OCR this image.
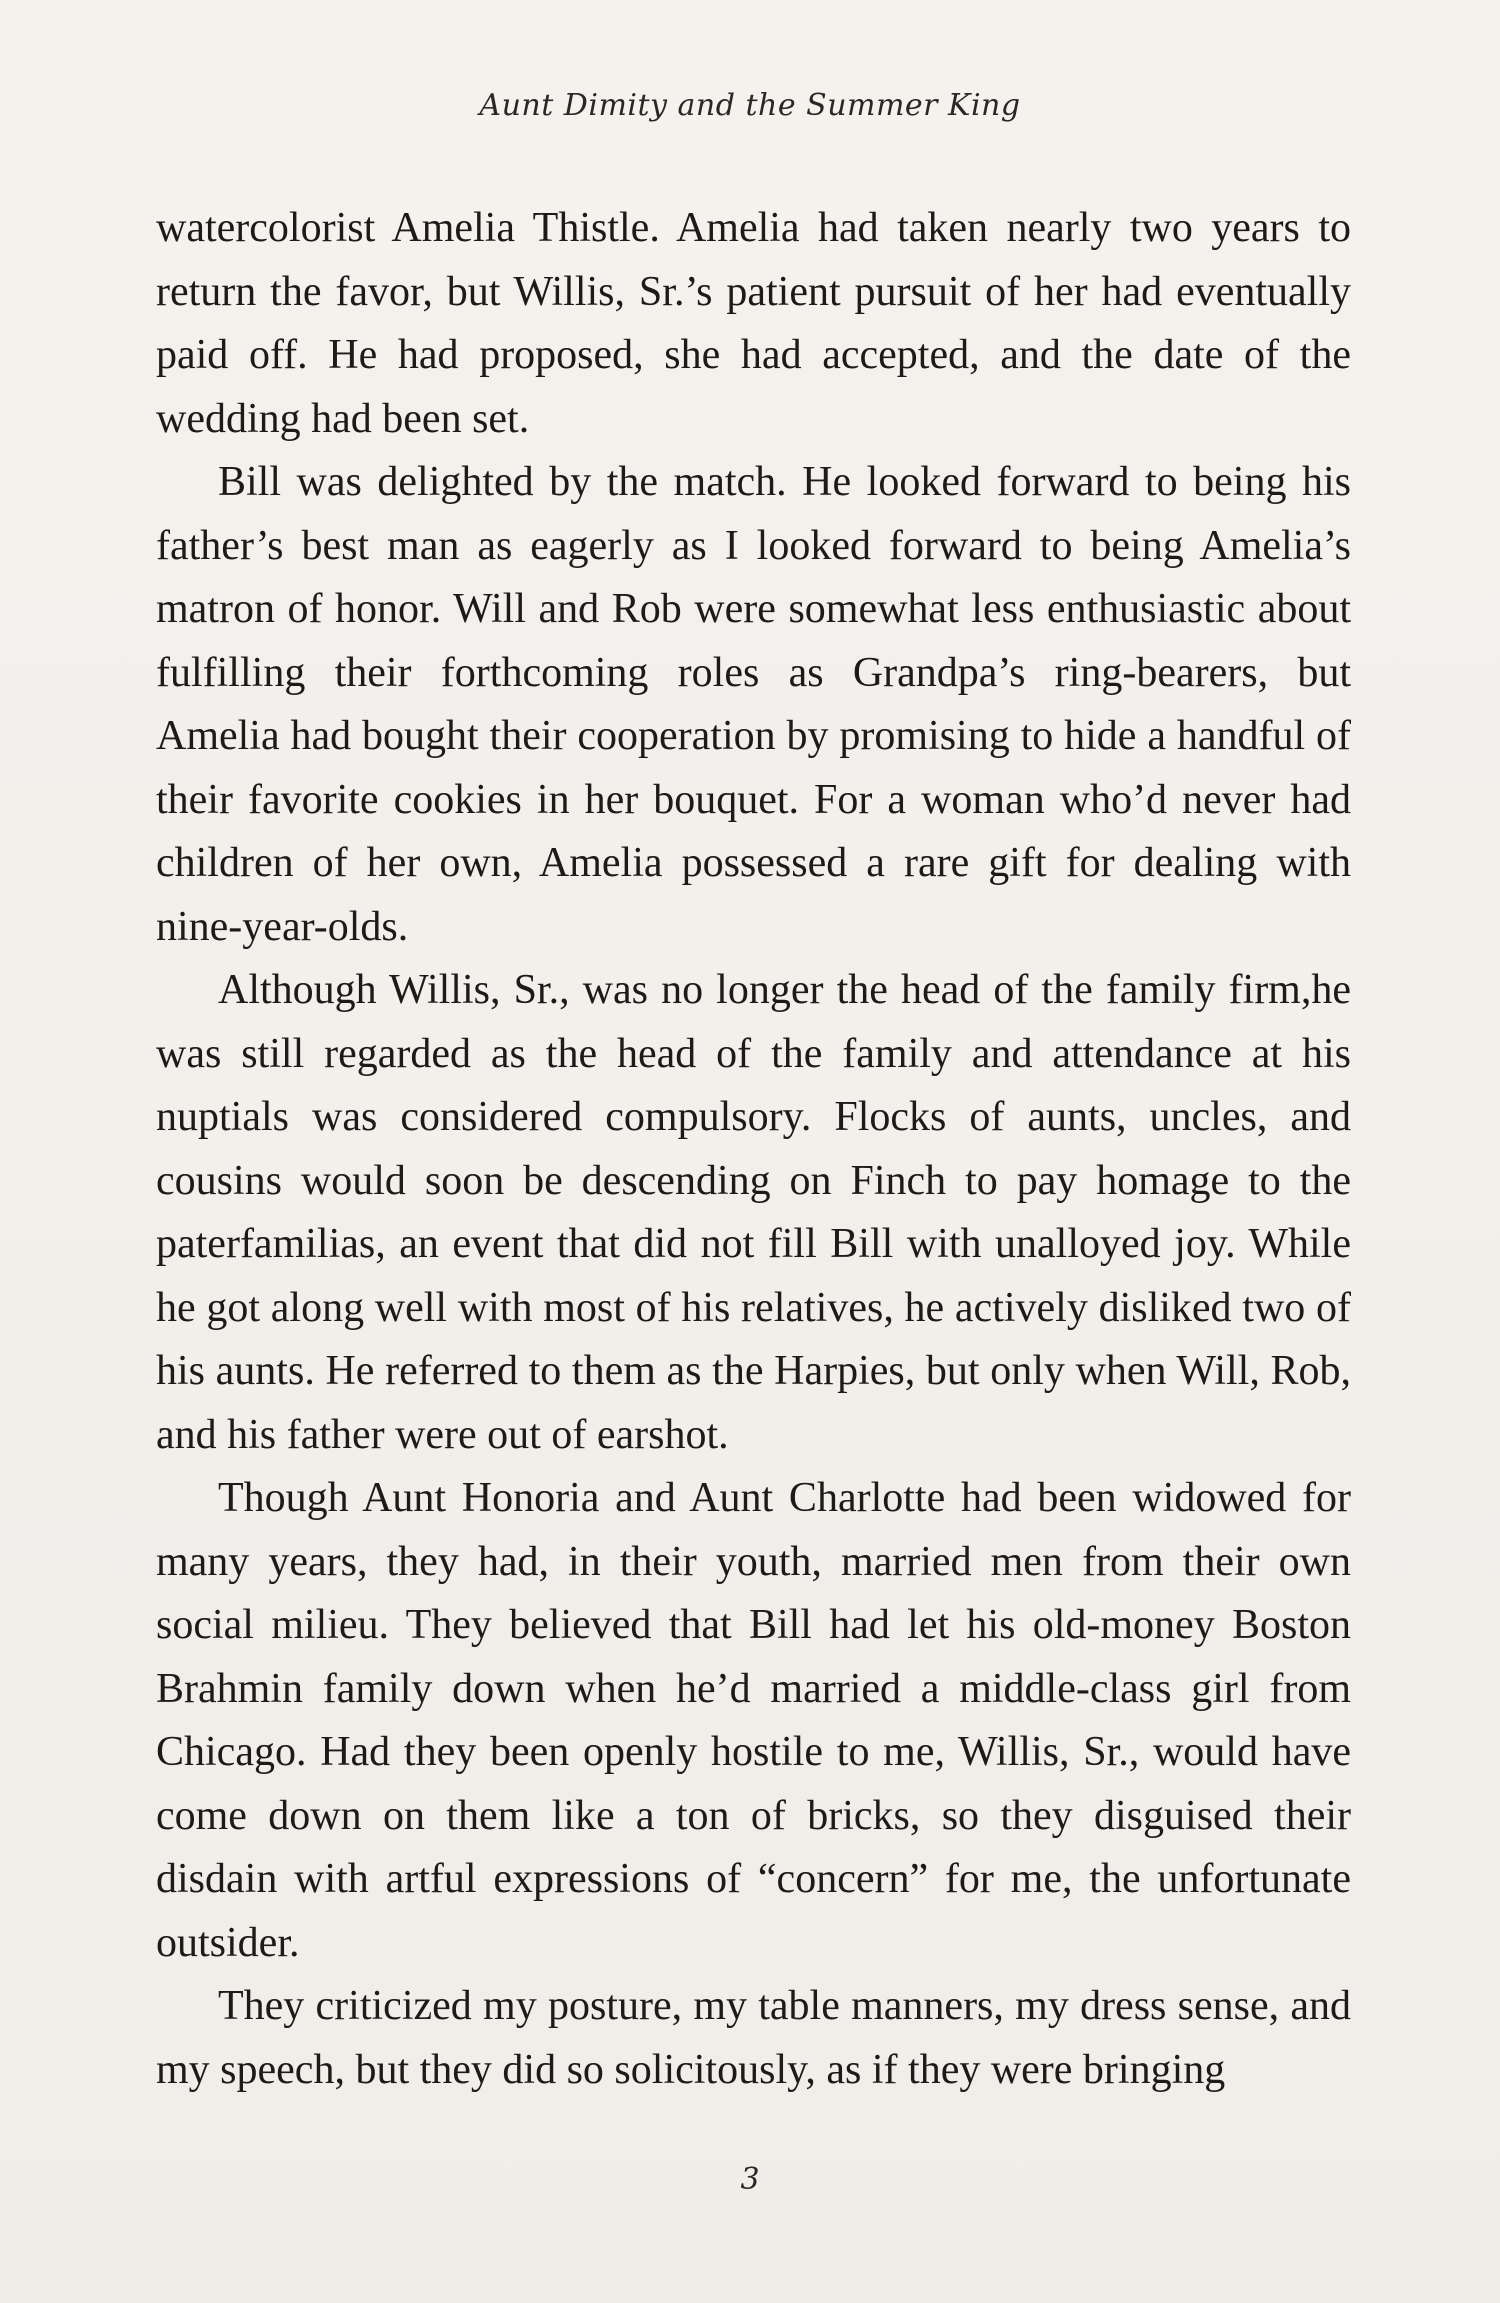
Aunt Dimity and the Summer King

watercolorist Amelia Thistle. Amelia had taken nearly two years to return the favor, but Willis, Sr.’s patient pursuit of her had eventually paid off. He had proposed, she had accepted, and the date of the wedding had been set.

Bill was delighted by the match. He looked forward to being his father’s best man as eagerly as I looked forward to being Amelia’s matron of honor. Will and Rob were somewhat less enthusiastic about fulfilling their forthcoming roles as Grandpa’s ring-bearers, but Amelia had bought their cooperation by promising to hide a handful of their favorite cookies in her bouquet. For a woman who’d never had children of her own, Amelia possessed a rare gift for dealing with nine-year-olds.

Although Willis, Sr., was no longer the head of the family firm,he was still regarded as the head of the family and attendance at his nuptials was considered compulsory. Flocks of aunts, uncles, and cousins would soon be descending on Finch to pay homage to the paterfamilias, an event that did not fill Bill with unalloyed joy. While he got along well with most of his relatives, he actively disliked two of his aunts. He referred to them as the Harpies, but only when Will, Rob, and his father were out of earshot.

Though Aunt Honoria and Aunt Charlotte had been widowed for many years, they had, in their youth, married men from their own social milieu. They believed that Bill had let his old-money Boston Brahmin family down when he’d married a middle-class girl from Chicago. Had they been openly hostile to me, Willis, Sr., would have come down on them like a ton of bricks, so they disguised their disdain with artful expressions of “concern” for me, the unfortunate outsider.

They criticized my posture, my table manners, my dress sense, and my speech, but they did so solicitously, as if they were bringing

3
